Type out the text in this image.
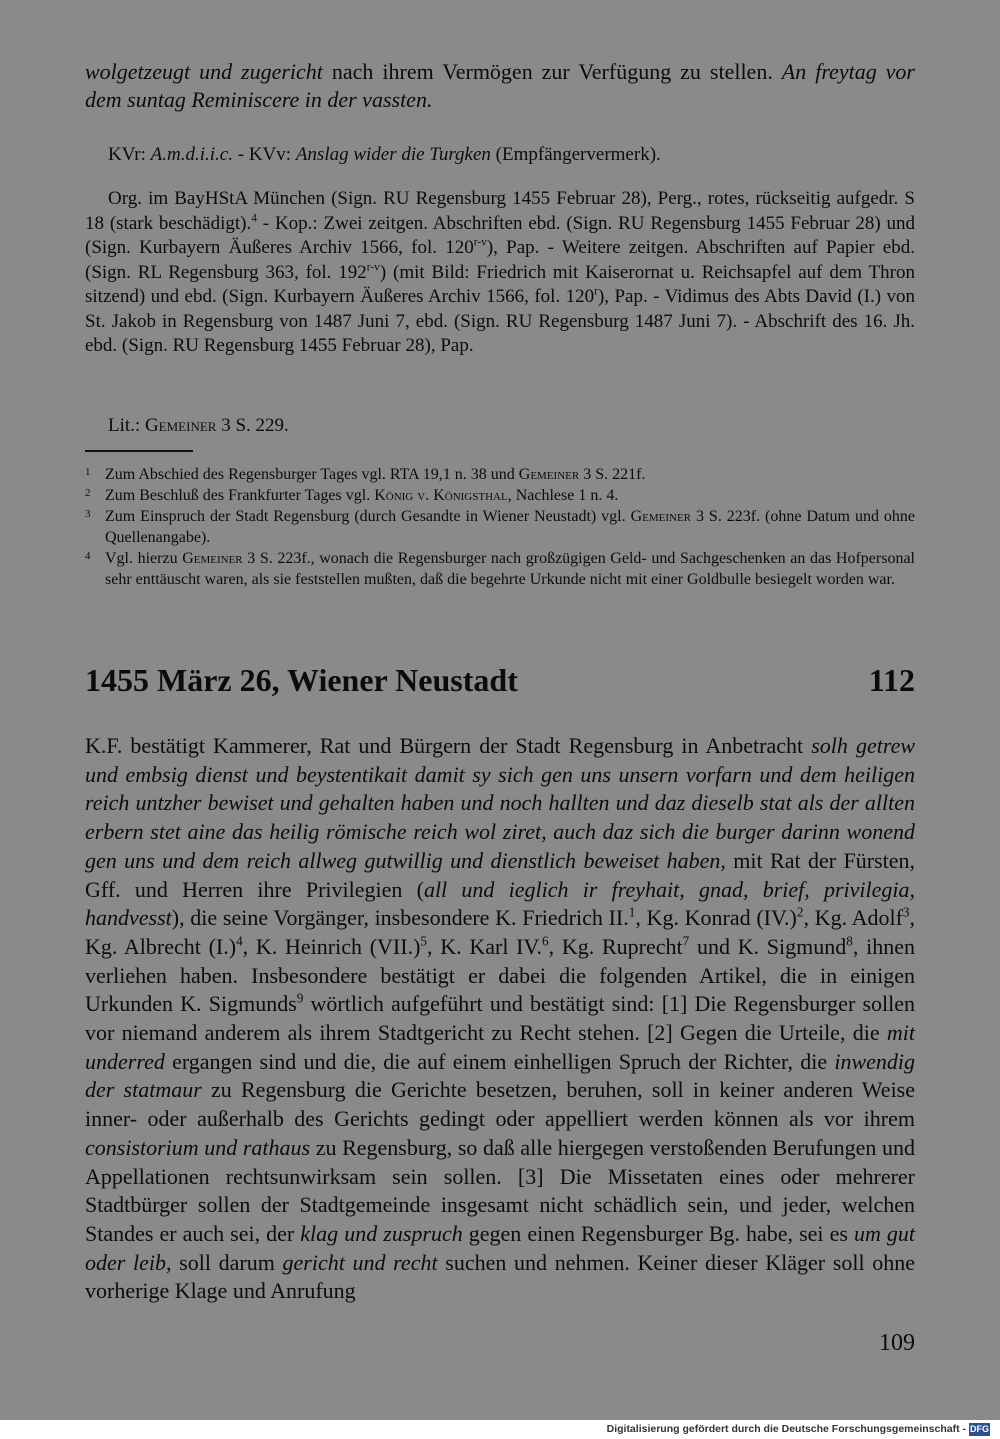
wolgetzeugt und zugericht nach ihrem Vermögen zur Verfügung zu stellen. An freytag vor dem suntag Reminiscere in der vassten.

KVr: A.m.d.i.i.c. - KVv: Anslag wider die Turgken (Empfängervermerk).

Org. im BayHStA München (Sign. RU Regensburg 1455 Februar 28), Perg., rotes, rückseitig aufgedr. S 18 (stark beschädigt).$^4$ - Kop.: Zwei zeitgen. Abschriften ebd. (Sign. RU Regensburg 1455 Februar 28) und (Sign. Kurbayern Äußeres Archiv 1566, fol. 120$^{r-v}$), Pap. - Weitere zeitgen. Abschriften auf Papier ebd. (Sign. RL Regensburg 363, fol. 192$^{r-v}$) (mit Bild: Friedrich mit Kaiserornat u. Reichsapfel auf dem Thron sitzend) und ebd. (Sign. Kurbayern Äußeres Archiv 1566, fol. 120$^r$), Pap. - Vidimus des Abts David (I.) von St. Jakob in Regensburg von 1487 Juni 7, ebd. (Sign. RU Regensburg 1487 Juni 7). - Abschrift des 16. Jh. ebd. (Sign. RU Regensburg 1455 Februar 28), Pap.

Lit.: Gemeiner 3 S. 229.

1 Zum Abschied des Regensburger Tages vgl. RTA 19,1 n. 38 und Gemeiner 3 S. 221f.
2 Zum Beschluß des Frankfurter Tages vgl. König v. Königsthal, Nachlese 1 n. 4.
3 Zum Einspruch der Stadt Regensburg (durch Gesandte in Wiener Neustadt) vgl. Gemeiner 3 S. 223f. (ohne Datum und ohne Quellenangabe).
4 Vgl. hierzu Gemeiner 3 S. 223f., wonach die Regensburger nach großzügigen Geld- und Sachgeschenken an das Hofpersonal sehr enttäuscht waren, als sie feststellen mußten, daß die begehrte Urkunde nicht mit einer Goldbulle besiegelt worden war.
1455 März 26, Wiener Neustadt	112

K.F. bestätigt Kammerer, Rat und Bürgern der Stadt Regensburg in Anbetracht solh getrew und embsig dienst und beystentikait damit sy sich gen uns unsern vorfarn und dem heiligen reich untzher bewiset und gehalten haben und noch hallten und daz dieselb stat als der allten erbern stet aine das heilig römische reich wol ziret, auch daz sich die burger darinn wonend gen uns und dem reich allweg gutwillig und dienstlich beweiset haben, mit Rat der Fürsten, Gff. und Herren ihre Privilegien (all und ieglich ir freyhait, gnad, brief, privilegia, handvesst), die seine Vorgänger, insbesondere K. Friedrich II.$^1$, Kg. Konrad $(IV.)^2$, Kg. Adolf$^3$, Kg. Albrecht $(I.)^4$, K. Heinrich $(VII.)^5$, K. Karl IV.$^6$, Kg. Ruprecht$^7$ und K. Sigmund$^8$, ihnen verliehen haben. Insbesondere bestätigt er dabei die folgenden Artikel, die in einigen Urkunden K. Sigmunds$^9$ wörtlich aufgeführt und bestätigt sind: [1] Die Regensburger sollen vor niemand anderem als ihrem Stadtgericht zu Recht stehen. [2] Gegen die Urteile, die mit underred ergangen sind und die, die auf einem einhelligen Spruch der Richter, die inwendig der statmaur zu Regensburg die Gerichte besetzen, beruhen, soll in keiner anderen Weise inner- oder außerhalb des Gerichts gedingt oder appelliert werden können als vor ihrem consistorium und rathaus zu Regensburg, so daß alle hiergegen verstoßenden Berufungen und Appellationen rechtsunwirksam sein sollen. [3] Die Missetaten eines oder mehrerer Stadtbürger sollen der Stadtgemeinde insgesamt nicht schädlich sein, und jeder, welchen Standes er auch sei, der klag und zuspruch gegen einen Regensburger Bg. habe, sei es um gut oder leib, soll darum gericht und recht suchen und nehmen. Keiner dieser Kläger soll ohne vorherige Klage und Anrufung

109
Digitalisierung gefördert durch die Deutsche Forschungsgemeinschaft - DFG
